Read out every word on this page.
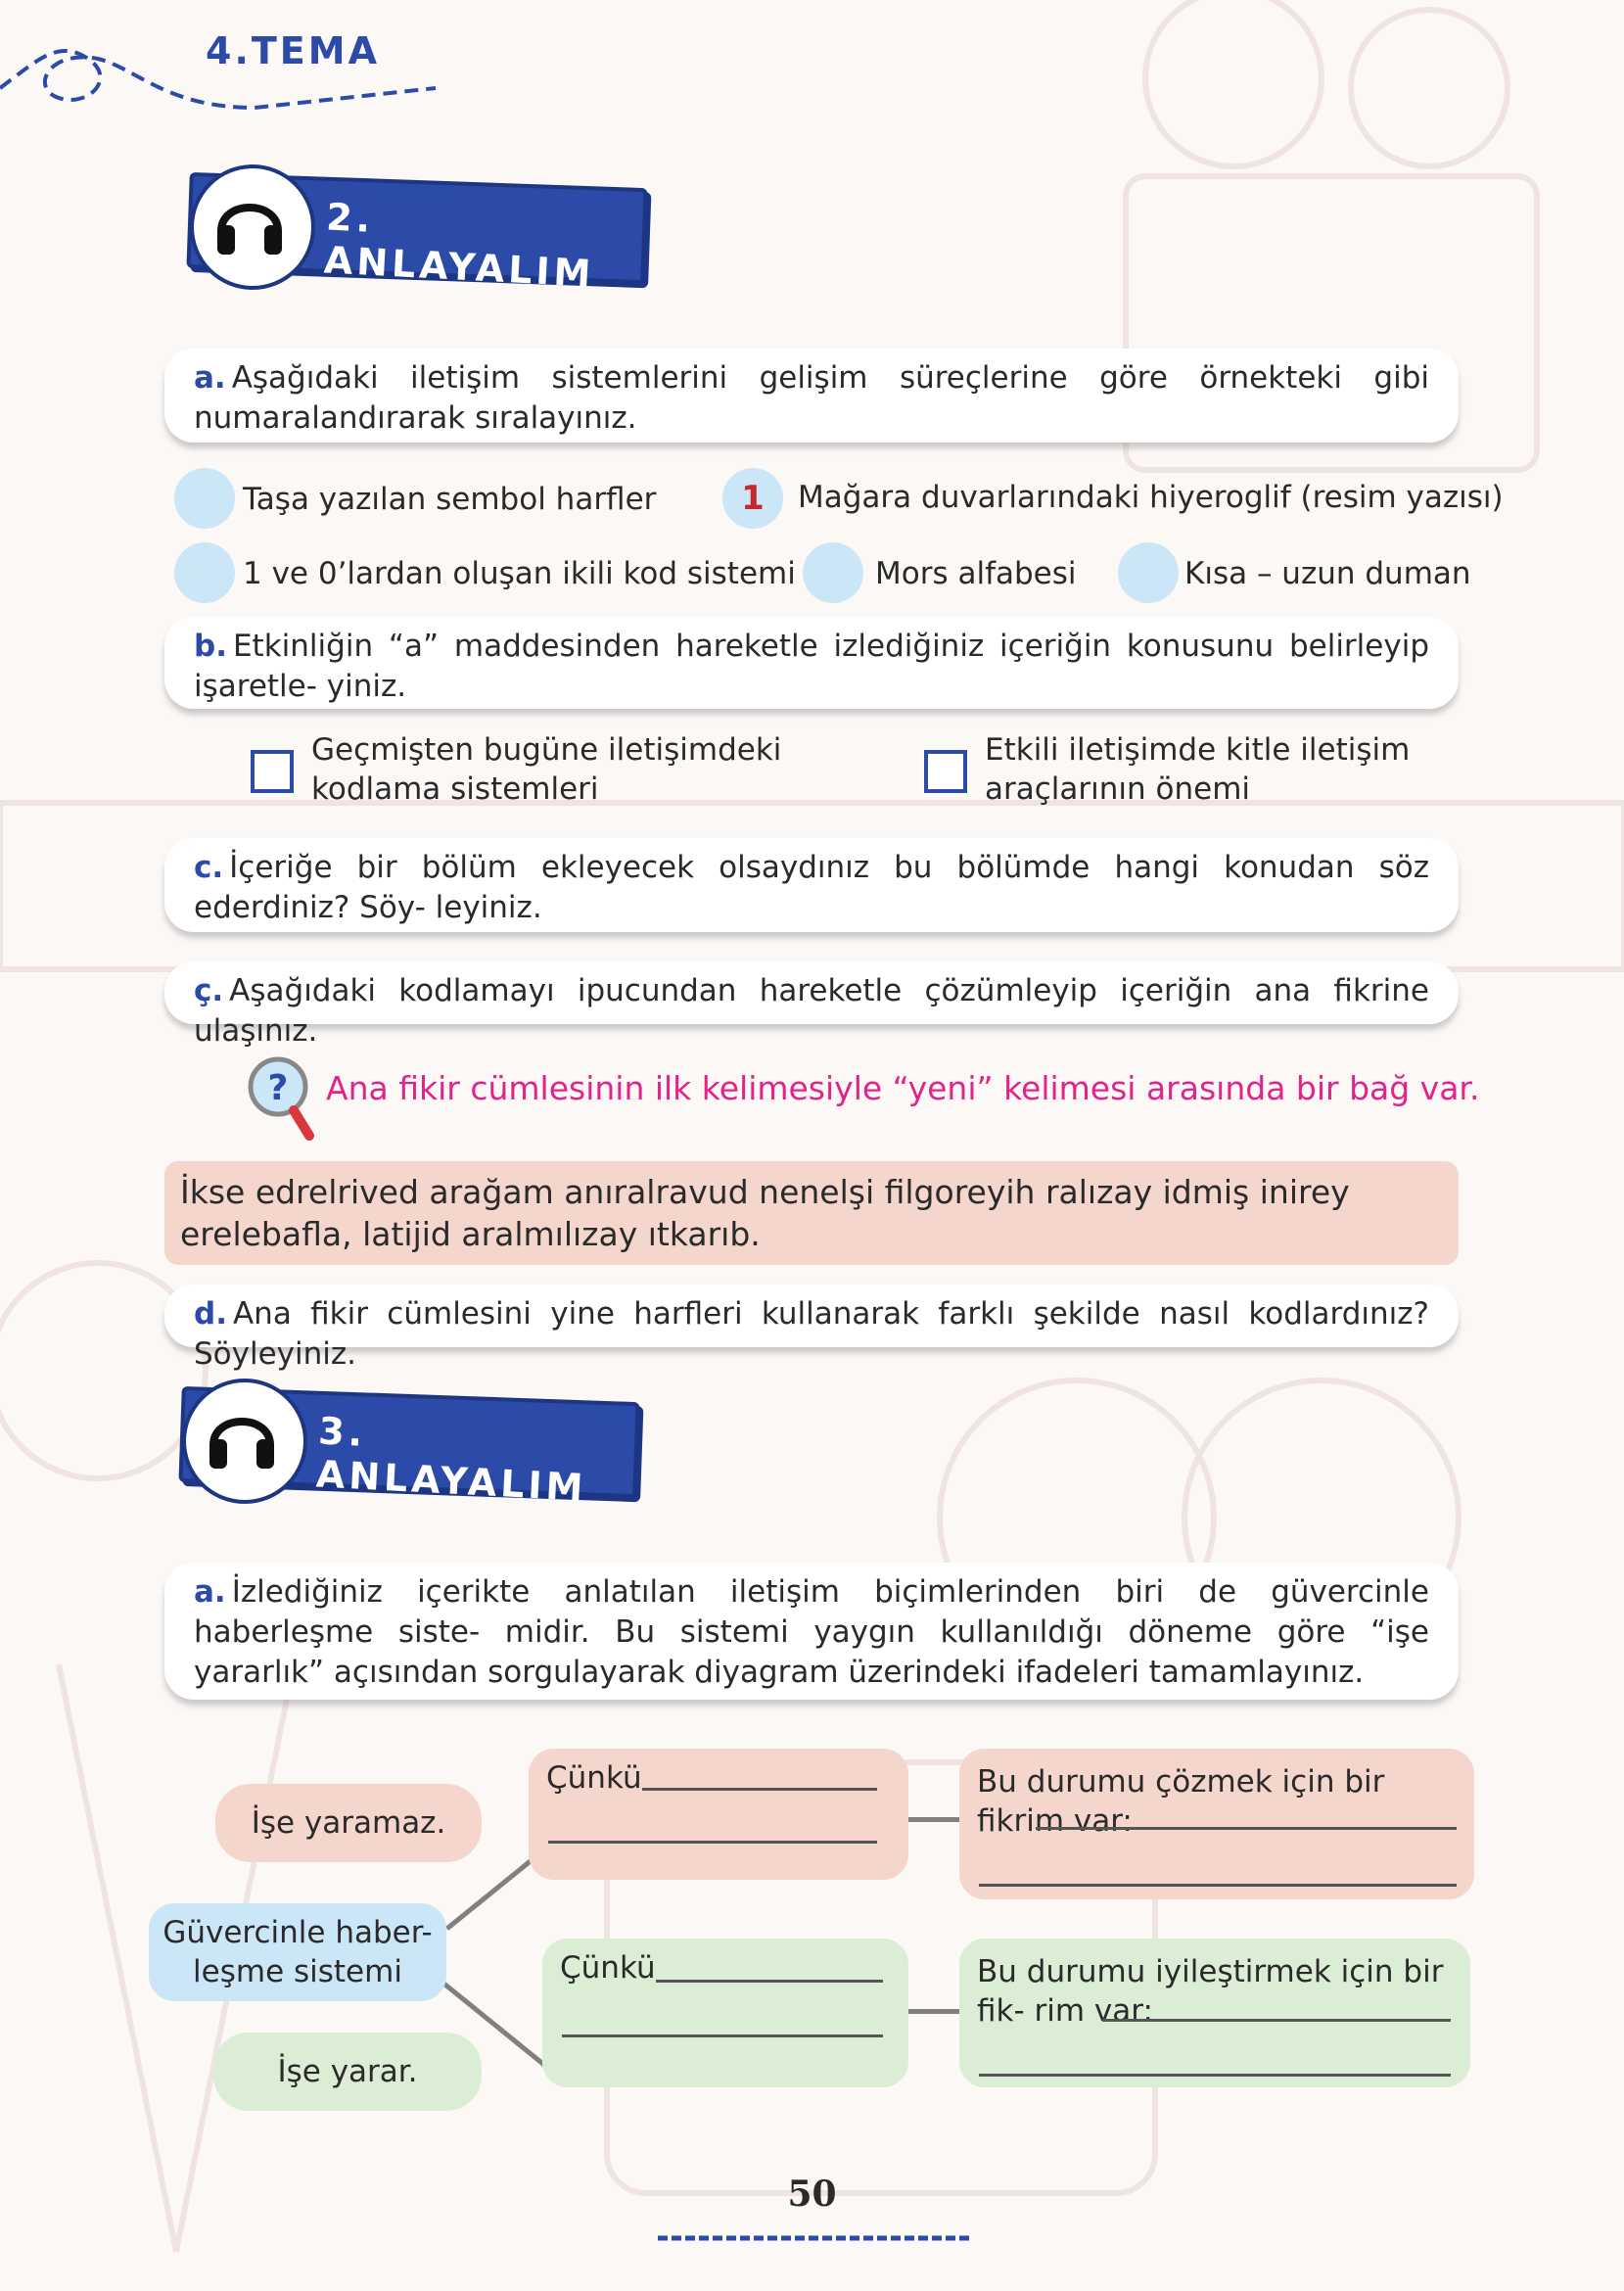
4.TEMA
2. ANLAYALIM
a. Aşağıdaki iletişim sistemlerini gelişim süreçlerine göre örnekteki gibi numaralandırarak sıralayınız.
Taşa yazılan sembol harfler	1	Mağara duvarlarındaki hiyeroglif (resim yazısı)
1 ve 0’lardan oluşan ikili kod sistemi	Mors alfabesi	Kısa – uzun duman
b. Etkinliğin “a” maddesinden hareketle izlediğiniz içeriğin konusunu belirleyip işaretle- yiniz.
Geçmişten bugüne iletişimdeki
kodlama sistemleri
Etkili iletişimde kitle iletişim
araçlarının önemi
c. İçeriğe bir bölüm ekleyecek olsaydınız bu bölümde hangi konudan söz ederdiniz? Söy- leyiniz.
ç. Aşağıdaki kodlamayı ipucundan hareketle çözümleyip içeriğin ana fikrine ulaşınız.
? Ana fikir cümlesinin ilk kelimesiyle “yeni” kelimesi arasında bir bağ var.
İkse edrelrived arağam anıralravud nenelşi filgoreyih ralızay idmiş inirey erelebafla, latijid aralmılızay ıtkarıb.
d. Ana fikir cümlesini yine harfleri kullanarak farklı şekilde nasıl kodlardınız? Söyleyiniz.
3. ANLAYALIM
a. İzlediğiniz içerikte anlatılan iletişim biçimlerinden biri de güvercinle haberleşme siste- midir. Bu sistemi yaygın kullanıldığı döneme göre “işe yararlık” açısından sorgulayarak diyagram üzerindeki ifadeleri tamamlayınız.
İşe yaramaz.
Güvercinle haber- leşme sistemi
İşe yarar.
Çünkü
Çünkü
Bu durumu çözmek için bir fikrim var:
Bu durumu iyileştirmek için bir fik- rim var:
50
